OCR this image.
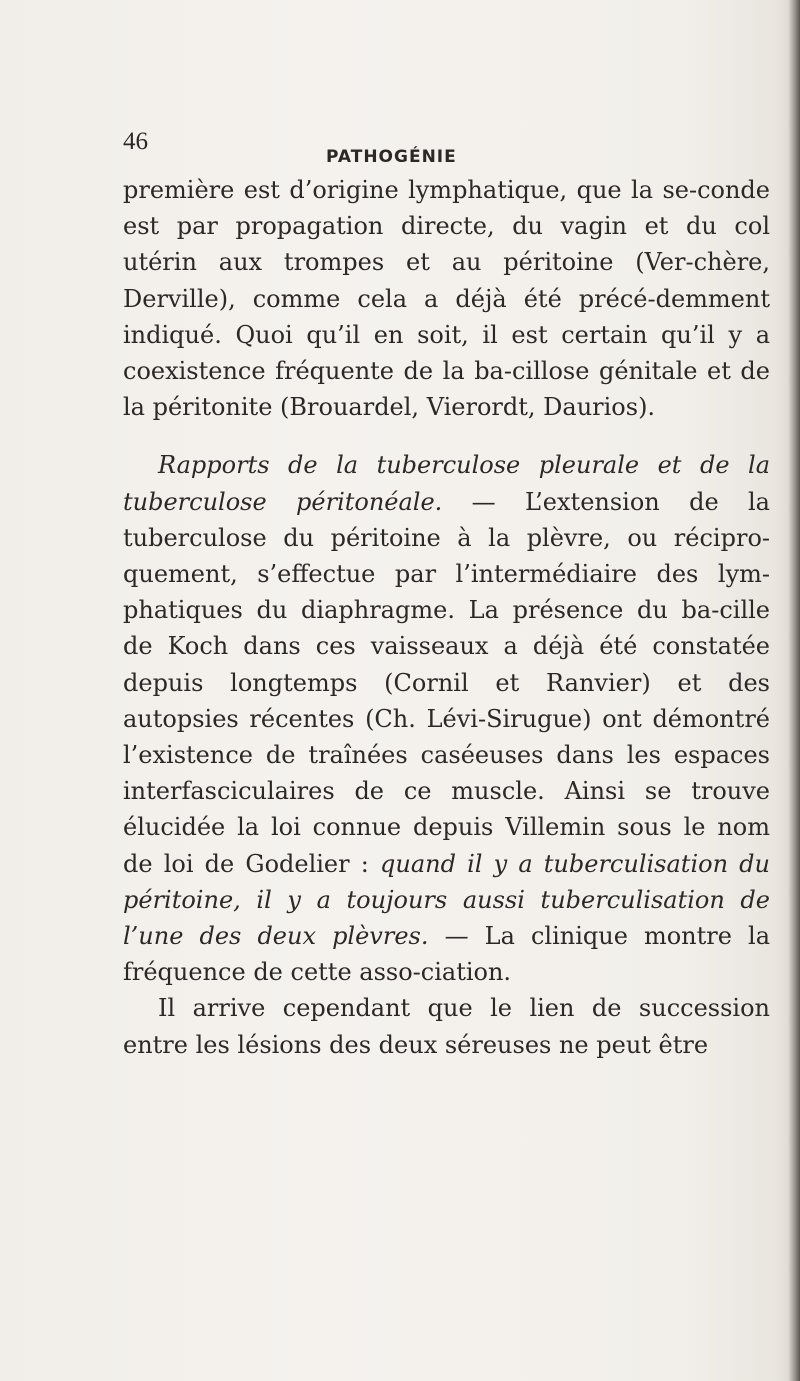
46
PATHOGÉNIE

première est d’origine lymphatique, que la se-conde est par propagation directe, du vagin et du col utérin aux trompes et au péritoine (Ver-chère, Derville), comme cela a déjà été précé-demment indiqué. Quoi qu’il en soit, il est certain qu’il y a coexistence fréquente de la ba-cillose génitale et de la péritonite (Brouardel, Vierordt, Daurios).

Rapports de la tuberculose pleurale et de la tuberculose péritonéale. — L’extension de la tuberculose du péritoine à la plèvre, ou récipro-quement, s’effectue par l’intermédiaire des lym-phatiques du diaphragme. La présence du ba-cille de Koch dans ces vaisseaux a déjà été constatée depuis longtemps (Cornil et Ranvier) et des autopsies récentes (Ch. Lévi-Sirugue) ont démontré l’existence de traînées caséeuses dans les espaces interfasciculaires de ce muscle. Ainsi se trouve élucidée la loi connue depuis Villemin sous le nom de loi de Godelier : quand il y a tuberculisation du péritoine, il y a toujours aussi tuberculisation de l’une des deux plèvres. — La clinique montre la fréquence de cette asso-ciation.

Il arrive cependant que le lien de succession entre les lésions des deux séreuses ne peut être
